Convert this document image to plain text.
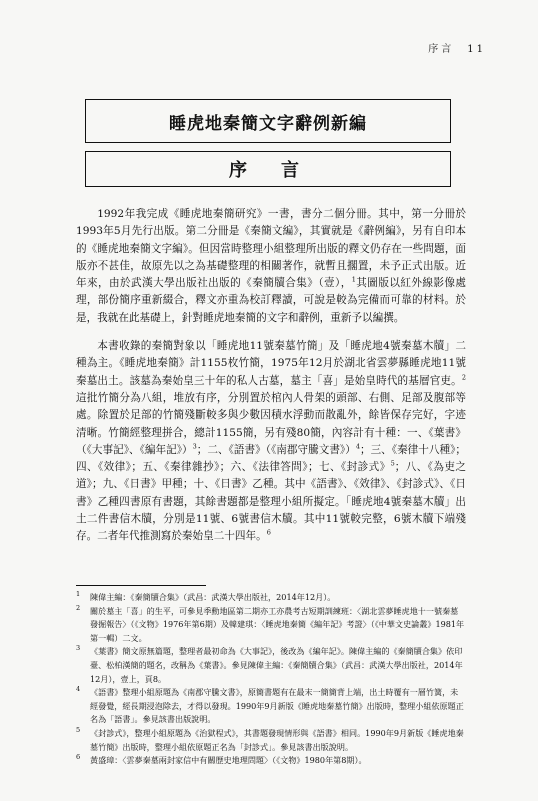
序言　11
睡虎地秦簡文字辭例新編
序　言

1992年我完成《睡虎地秦簡研究》一書，書分二個分冊。其中，第一分冊於1993年5月先行出版。第二分冊是《秦簡文編》，其實就是《辭例編》，另有自印本的《睡虎地秦簡文字編》。但因當時整理小組整理所出版的釋文仍存在一些問題，面版亦不甚佳，故原先以之為基礎整理的相關著作，就暫且擱置，未予正式出版。近年來，由於武漢大學出版社出版的《秦簡牘合集》（壹），$^1$其圖版以紅外線影像處理，部份簡序重新綴合，釋文亦重為校訂釋讀，可說是較為完備而可靠的材料。於是，我就在此基礎上，針對睡虎地秦簡的文字和辭例，重新予以編撰。

本書收錄的秦簡對象以「睡虎地11號秦墓竹簡」及「睡虎地4號秦墓木牘」二種為主。《睡虎地秦簡》計1155枚竹簡，1975年12月於湖北省雲夢縣睡虎地11號秦墓出土。該墓為秦始皇三十年的私人古墓，墓主「喜」是始皇時代的基層官吏。$^2$這批竹簡分為八組，堆放有序，分別置於棺內人骨架的頭部、右側、足部及腹部等處。除置於足部的竹簡殘斷較多與少數因積水浮動而散亂外，餘皆保存完好，字迹清晰。竹簡經整理拼合，總計1155簡，另有殘80簡，內容計有十種：一、《葉書》（《大事記》、《編年記》）$^3$；二、《語書》（《南郡守騰文書》）$^4$；三、《秦律十八種》；四、《效律》；五、《秦律雜抄》；六、《法律答問》；七、《封診式》$^5$；八、《為吏之道》；九、《日書》甲種；十、《日書》乙種。其中《語書》、《效律》、《封診式》、《日書》乙種四書原有書題，其餘書題都是整理小組所擬定。「睡虎地4號秦墓木牘」出土二件書信木牘，分別是11號、6號書信木牘。其中11號較完整，6號木牘下端殘存。二者年代推測寫於秦始皇二十四年。$^6$

1 陳偉主編：《秦簡牘合集》（武昌：武漢大學出版社，2014年12月）。
2 關於墓主「喜」的生平，可參見季勳地區第二期亦工亦農考古短期訓練班：〈湖北雲夢睡虎地十一號秦墓發掘報告〉（《文物》1976年第6期）及韓建琪：〈睡虎地秦簡《編年記》考證〉（《中華文史論叢》1981年第一輯）二文。
3 《葉書》簡文原無篇題，整理者最初命為《大事記》，後改為《編年記》。陳偉主編的《秦簡牘合集》依印臺、松柏漢簡的題名，改稱為《葉書》。參見陳偉主編：《秦簡牘合集》（武昌：武漢大學出版社，2014年12月），壹上，頁8。
4 《語書》整理小組原題為《南郡守騰文書》，原簡書題有在最末一簡簡背上端，出土時覆有一層竹簧，未經發覺，經長期浸泡除去，才得以發現。1990年9月新版《睡虎地秦墓竹簡》出版時，整理小組依原題正名為「語書」。參見該書出版說明。
5 《封診式》，整理小組原題為《治獄程式》，其書題發現情形與《語書》相同。1990年9月新版《睡虎地秦墓竹簡》出版時，整理小組依原題正名為「封診式」。參見該書出版說明。
6 黃盛璋：〈雲夢秦墓兩封家信中有關歷史地理問題〉（《文物》1980年第8期）。
